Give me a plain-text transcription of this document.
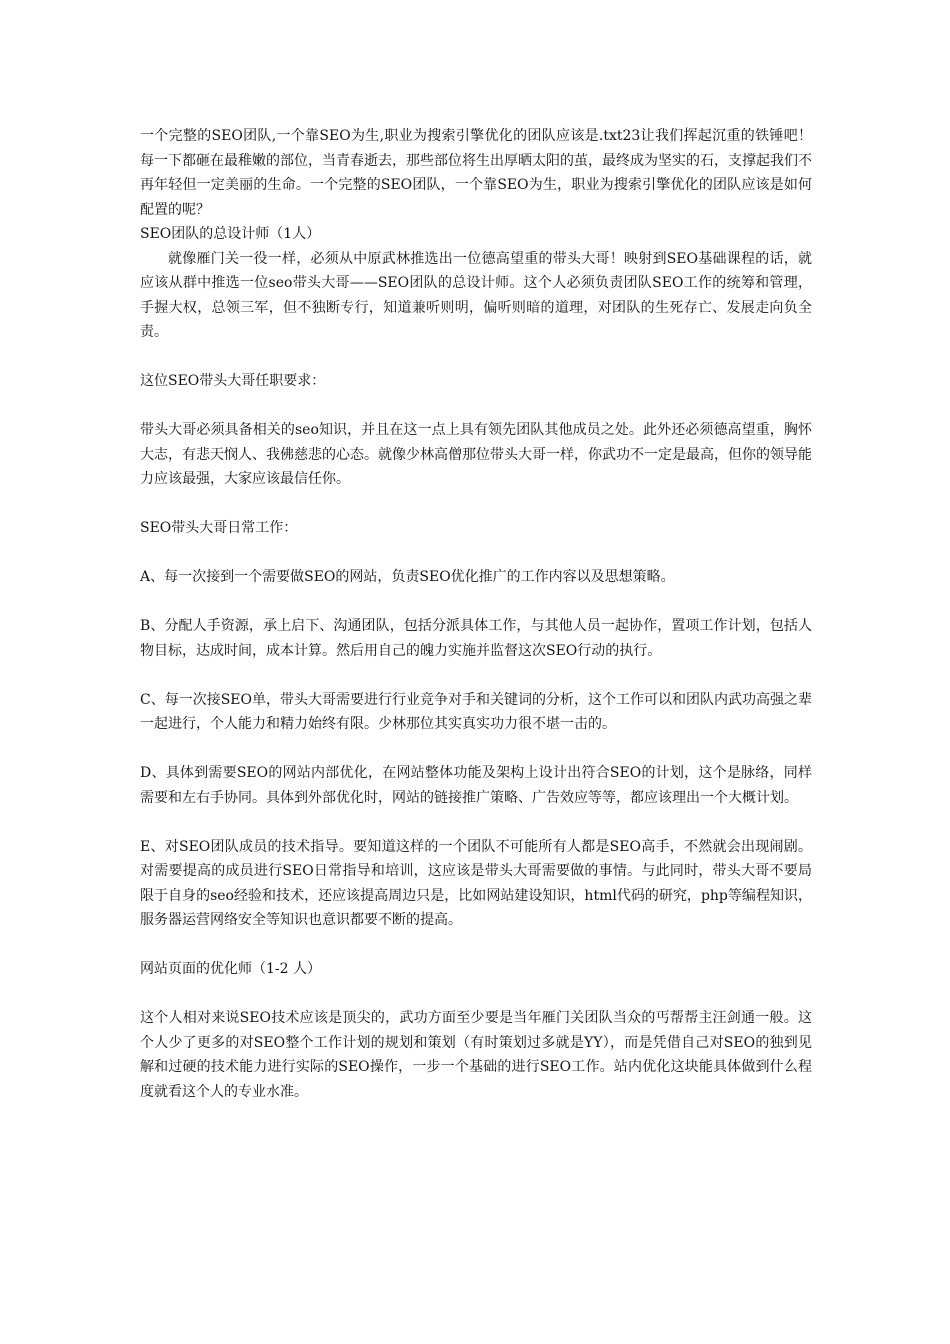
一个完整的SEO团队,一个靠SEO为生,职业为搜索引擎优化的团队应该是.txt23让我们挥起沉重的铁锤吧！每一下都砸在最稚嫩的部位，当青春逝去，那些部位将生出厚晒太阳的茧，最终成为坚实的石，支撑起我们不再年轻但一定美丽的生命。一个完整的SEO团队，一个靠SEO为生，职业为搜索引擎优化的团队应该是如何配置的呢？

SEO团队的总设计师（1人）

就像雁门关一役一样，必须从中原武林推选出一位德高望重的带头大哥！映射到SEO基础课程的话，就应该从群中推选一位seo带头大哥——SEO团队的总设计师。这个人必须负责团队SEO工作的统筹和管理，手握大权，总领三军，但不独断专行，知道兼听则明，偏听则暗的道理，对团队的生死存亡、发展走向负全责。

这位SEO带头大哥任职要求：

带头大哥必须具备相关的seo知识，并且在这一点上具有领先团队其他成员之处。此外还必须德高望重，胸怀大志，有悲天悯人、我佛慈悲的心态。就像少林高僧那位带头大哥一样，你武功不一定是最高，但你的领导能力应该最强，大家应该最信任你。

SEO带头大哥日常工作：

A、每一次接到一个需要做SEO的网站，负责SEO优化推广的工作内容以及思想策略。

B、分配人手资源，承上启下、沟通团队，包括分派具体工作，与其他人员一起协作，置项工作计划，包括人物目标，达成时间，成本计算。然后用自己的魄力实施并监督这次SEO行动的执行。

C、每一次接SEO单，带头大哥需要进行行业竞争对手和关键词的分析，这个工作可以和团队内武功高强之辈一起进行，个人能力和精力始终有限。少林那位其实真实功力很不堪一击的。

D、具体到需要SEO的网站内部优化，在网站整体功能及架构上设计出符合SEO的计划，这个是脉络，同样需要和左右手协同。具体到外部优化时，网站的链接推广策略、广告效应等等，都应该理出一个大概计划。

E、对SEO团队成员的技术指导。要知道这样的一个团队不可能所有人都是SEO高手，不然就会出现闹剧。对需要提高的成员进行SEO日常指导和培训，这应该是带头大哥需要做的事情。与此同时，带头大哥不要局限于自身的seo经验和技术，还应该提高周边只是，比如网站建设知识，html代码的研究，php等编程知识，服务器运营网络安全等知识也意识都要不断的提高。

网站页面的优化师（1-2 人）

这个人相对来说SEO技术应该是顶尖的，武功方面至少要是当年雁门关团队当众的丐帮帮主汪剑通一般。这个人少了更多的对SEO整个工作计划的规划和策划（有时策划过多就是YY），而是凭借自己对SEO的独到见解和过硬的技术能力进行实际的SEO操作，一步一个基础的进行SEO工作。站内优化这块能具体做到什么程度就看这个人的专业水准。
